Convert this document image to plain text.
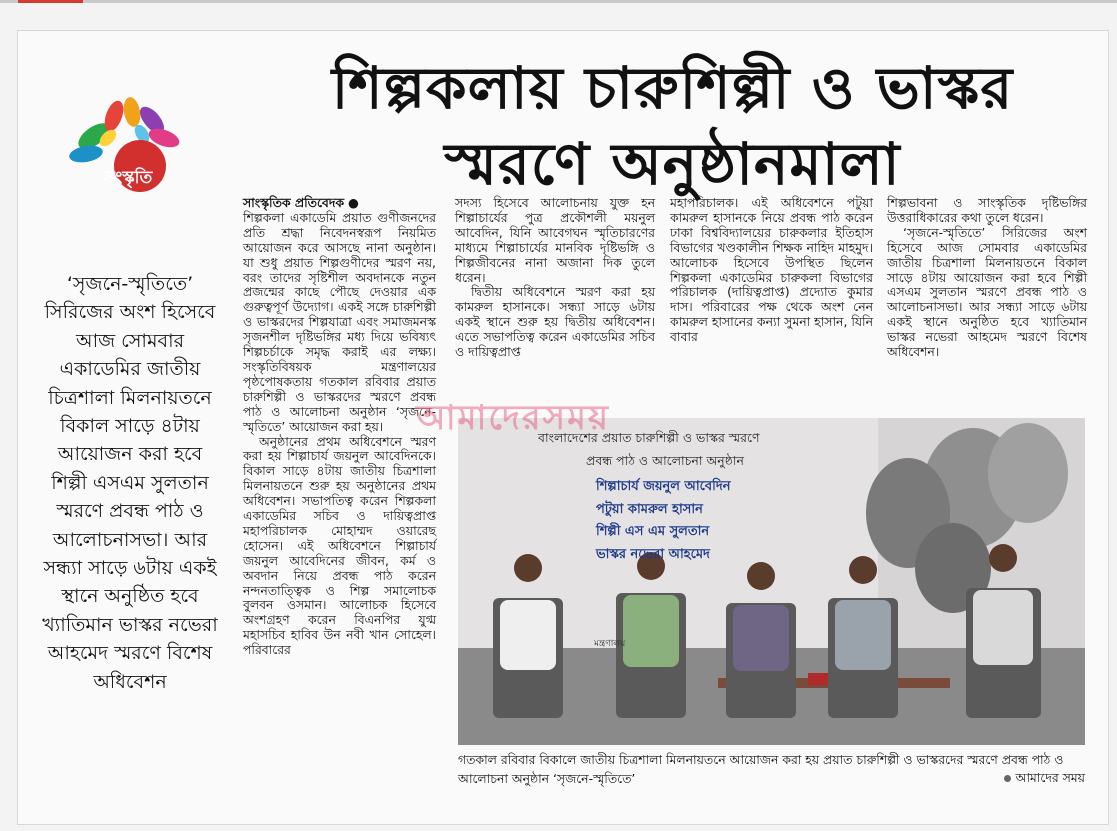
শিল্পকলায় চারুশিল্পী ও ভাস্কর
স্মরণে অনুষ্ঠানমালা
সংস্কৃতি
‘সৃজনে-স্মৃতিতে’ সিরিজের অংশ হিসেবে আজ সোমবার একাডেমির জাতীয় চিত্রশালা মিলনায়তনে বিকাল সাড়ে ৪টায় আয়োজন করা হবে শিল্পী এসএম সুলতান স্মরণে প্রবন্ধ পাঠ ও আলোচনাসভা। আর সন্ধ্যা সাড়ে ৬টায় একই স্থানে অনুষ্ঠিত হবে খ্যাতিমান ভাস্কর নভেরা আহমেদ স্মরণে বিশেষ অধিবেশন

সাংস্কৃতিক প্রতিবেদক ●

শিল্পকলা একাডেমি প্রয়াত গুণীজনদের প্রতি শ্রদ্ধা নিবেদনস্বরূপ নিয়মিত আয়োজন করে আসছে নানা অনুষ্ঠান। যা শুধু প্রয়াত শিল্পগুণীদের স্মরণ নয়, বরং তাদের সৃষ্টিশীল অবদানকে নতুন প্রজন্মের কাছে পৌছে দেওয়ার এক গুরুত্বপূর্ণ উদ্যোগ। একই সঙ্গে চারুশিল্পী ও ভাস্করদের শিল্পযাত্রা এবং সমাজমনস্ক সৃজনশীল দৃষ্টিভঙ্গির মধ্য দিয়ে ভবিষ্যৎ শিল্পচর্চাকে সমৃদ্ধ করাই এর লক্ষ্য। সংস্কৃতিবিষয়ক মন্ত্রণালয়ের পৃষ্ঠপোষকতায় গতকাল রবিবার প্রয়াত চারুশিল্পী ও ভাস্করদের স্মরণে প্রবন্ধ পাঠ ও আলোচনা অনুষ্ঠান ‘সৃজনে-স্মৃতিতে’ আয়োজন করা হয়।

অনুষ্ঠানের প্রথম অধিবেশনে স্মরণ করা হয় শিল্পাচার্য জয়নুল আবেদিনকে। বিকাল সাড়ে ৪টায় জাতীয় চিত্রশালা মিলনায়তনে শুরু হয় অনুষ্ঠানের প্রথম অধিবেশন। সভাপতিত্ব করেন শিল্পকলা একাডেমির সচিব ও দায়িত্বপ্রাপ্ত মহাপরিচালক মোহাম্মদ ওয়ারেছ হোসেন। এই অধিবেশনে শিল্পাচার্য জয়নুল আবেদিনের জীবন, কর্ম ও অবদান নিয়ে প্রবন্ধ পাঠ করেন নন্দনতাত্ত্বিক ও শিল্প সমালোচক বুলবন ওসমান। আলোচক হিসেবে অংশগ্রহণ করেন বিএনপির যুগ্ম মহাসচিব হাবিব উন নবী খান সোহেল। পরিবারের

সদস্য হিসেবে আলোচনায় যুক্ত হন শিল্পাচার্যের পুত্র প্রকৌশলী ময়নুল আবেদিন, যিনি আবেগঘন স্মৃতিচারণের মাধ্যমে শিল্পাচার্যের মানবিক দৃষ্টিভঙ্গি ও শিল্পজীবনের নানা অজানা দিক তুলে ধরেন।

দ্বিতীয় অধিবেশনে স্মরণ করা হয় কামরুল হাসানকে। সন্ধ্যা সাড়ে ৬টায় একই স্থানে শুরু হয় দ্বিতীয় অধিবেশন। এতে সভাপতিত্ব করেন একাডেমির সচিব ও দায়িত্বপ্রাপ্ত

মহাপরিচালক। এই অধিবেশনে পটুয়া কামরুল হাসানকে নিয়ে প্রবন্ধ পাঠ করেন ঢাকা বিশ্ববিদ্যালয়ের চারুকলার ইতিহাস বিভাগের খণ্ডকালীন শিক্ষক নাহিদ মাহমুদ। আলোচক হিসেবে উপস্থিত ছিলেন শিল্পকলা একাডেমির চারুকলা বিভাগের পরিচালক (দায়িত্বপ্রাপ্ত) প্রদ্যোত কুমার দাস। পরিবারের পক্ষ থেকে অংশ নেন কামরুল হাসানের কন্যা সুমনা হাসান, যিনি বাবার

শিল্পভাবনা ও সাংস্কৃতিক দৃষ্টিভঙ্গির উত্তরাধিকারের কথা তুলে ধরেন।

‘সৃজনে-স্মৃতিতে’ সিরিজের অংশ হিসেবে আজ সোমবার একাডেমির জাতীয় চিত্রশালা মিলনায়তনে বিকাল সাড়ে ৪টায় আয়োজন করা হবে শিল্পী এসএম সুলতান স্মরণে প্রবন্ধ পাঠ ও আলোচনাসভা। আর সন্ধ্যা সাড়ে ৬টায় একই স্থানে অনুষ্ঠিত হবে খ্যাতিমান ভাস্কর নভেরা আহমেদ স্মরণে বিশেষ অধিবেশন।

বাংলাদেশের প্রয়াত চারুশিল্পী ও ভাস্কর স্মরণে
প্রবন্ধ পাঠ ও আলোচনা অনুষ্ঠান
শিল্পাচার্য জয়নুল আবেদিন
পটুয়া কামরুল হাসান
শিল্পী এস এম সুলতান
ভাস্কর নভেরা আহমেদ
মন্ত্রণালয়
আমাদেরসময়
গতকাল রবিবার বিকালে জাতীয় চিত্রশালা মিলনায়তনে আয়োজন করা হয় প্রয়াত চারুশিল্পী ও ভাস্করদের স্মরণে প্রবন্ধ পাঠ ও আলোচনা অনুষ্ঠান ‘সৃজনে-স্মৃতিতে’	আমাদের সময়
